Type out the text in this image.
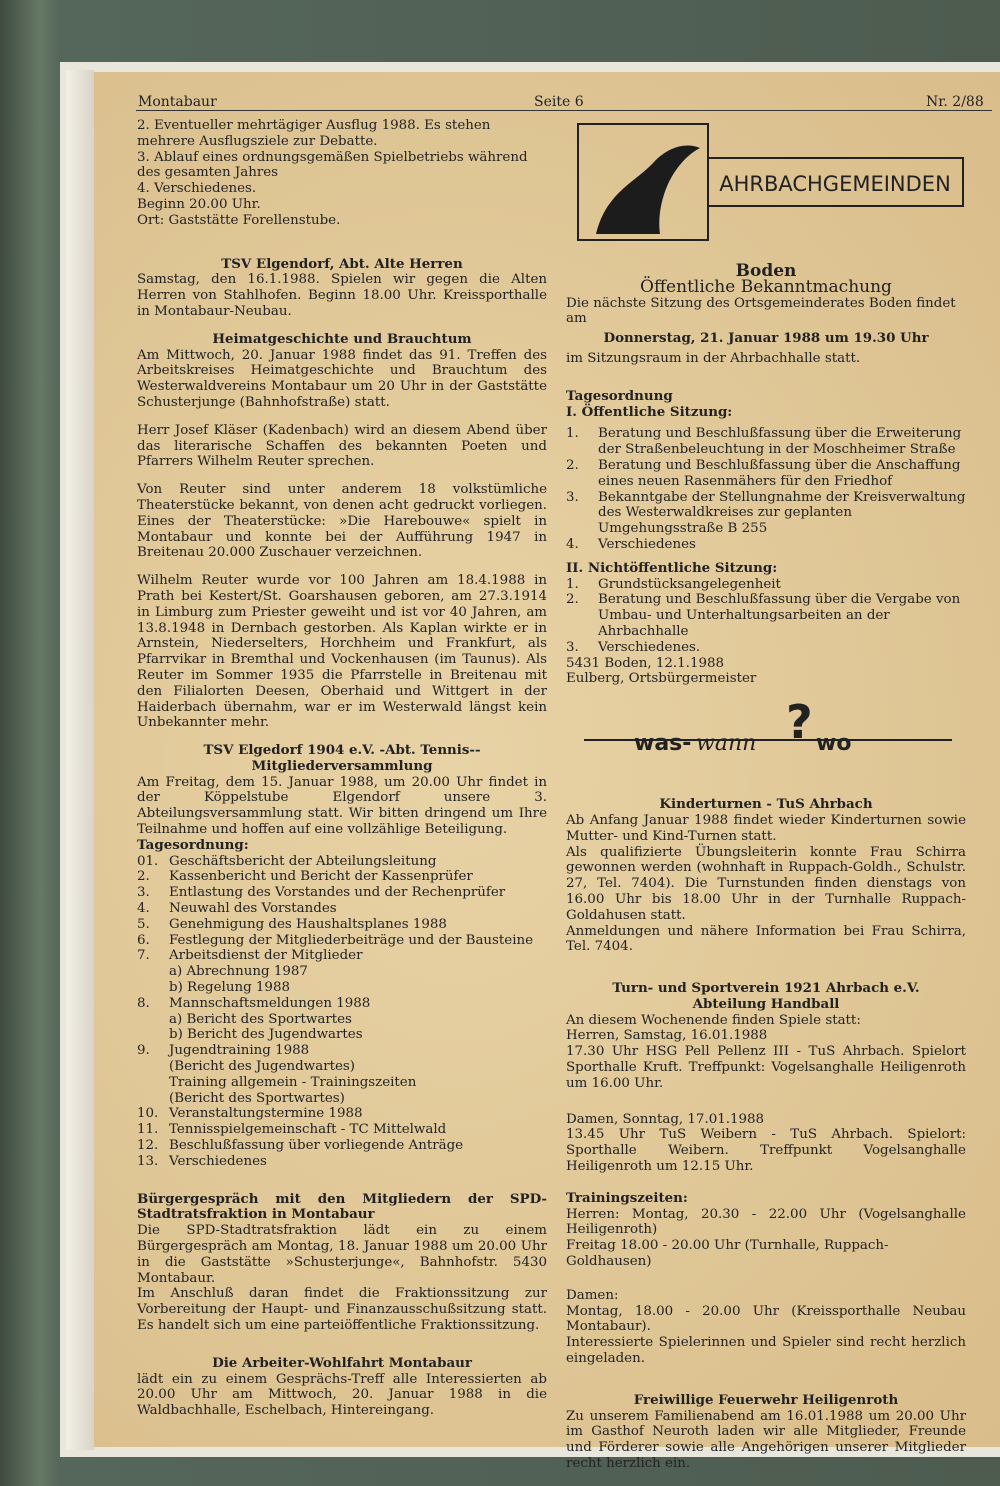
Montabaur	Seite 6	Nr. 2/88

2. Eventueller mehrtägiger Ausflug 1988. Es stehen mehrere Ausflugsziele zur Debatte.

3. Ablauf eines ordnungsgemäßen Spielbetriebs während des gesamten Jahres

4. Verschiedenes.

Beginn 20.00 Uhr.

Ort: Gaststätte Forellenstube.

TSV Elgendorf, Abt. Alte Herren

Samstag, den 16.1.1988. Spielen wir gegen die Alten Herren von Stahlhofen. Beginn 18.00 Uhr. Kreissporthalle in Montabaur-Neubau.

Heimatgeschichte und Brauchtum

Am Mittwoch, 20. Januar 1988 findet das 91. Treffen des Arbeitskreises Heimatgeschichte und Brauchtum des Westerwaldvereins Montabaur um 20 Uhr in der Gaststätte Schusterjunge (Bahnhofstraße) statt.

Herr Josef Kläser (Kadenbach) wird an diesem Abend über das literarische Schaffen des bekannten Poeten und Pfarrers Wilhelm Reuter sprechen.

Von Reuter sind unter anderem 18 volkstümliche Theaterstücke bekannt, von denen acht gedruckt vorliegen. Eines der Theaterstücke: »Die Harebouwe« spielt in Montabaur und konnte bei der Aufführung 1947 in Breitenau 20.000 Zuschauer verzeichnen.

Wilhelm Reuter wurde vor 100 Jahren am 18.4.1988 in Prath bei Kestert/St. Goarshausen geboren, am 27.3.1914 in Limburg zum Priester geweiht und ist vor 40 Jahren, am 13.8.1948 in Dernbach gestorben. Als Kaplan wirkte er in Arnstein, Niederselters, Horchheim und Frankfurt, als Pfarrvikar in Bremthal und Vockenhausen (im Taunus). Als Reuter im Sommer 1935 die Pfarrstelle in Breitenau mit den Filialorten Deesen, Oberhaid und Wittgert in der Haiderbach übernahm, war er im Westerwald längst kein Unbekannter mehr.

TSV Elgedorf 1904 e.V. -Abt. Tennis--Mitgliederversammlung

Am Freitag, dem 15. Januar 1988, um 20.00 Uhr findet in der Köppelstube Elgendorf unsere 3. Abteilungsversammlung statt. Wir bitten dringend um Ihre Teilnahme und hoffen auf eine vollzählige Beteiligung.

Tagesordnung:

01. Geschäftsbericht der Abteilungsleitung
2.	Kassenbericht und Bericht der Kassenprüfer
3.	Entlastung des Vorstandes und der Rechenprüfer
4.	Neuwahl des Vorstandes
5.	Genehmigung des Haushaltsplanes 1988
6.	Festlegung der Mitgliederbeiträge und der Bausteine
7.	Arbeitsdienst der Mitglieder
a) Abrechnung 1987
b) Regelung 1988
8.	Mannschaftsmeldungen 1988
a) Bericht des Sportwartes
b) Bericht des Jugendwartes
9.	Jugendtraining 1988
(Bericht des Jugendwartes)
Training allgemein - Trainingszeiten
(Bericht des Sportwartes)
10. Veranstaltungstermine 1988
11. Tennisspielgemeinschaft - TC Mittelwald
12. Beschlußfassung über vorliegende Anträge
13. Verschiedenes

Bürgergespräch mit den Mitgliedern der SPD-Stadtratsfraktion in Montabaur

Die SPD-Stadtratsfraktion lädt ein zu einem Bürgergespräch am Montag, 18. Januar 1988 um 20.00 Uhr in die Gaststätte »Schusterjunge«, Bahnhofstr. 5430 Montabaur.

Im Anschluß daran findet die Fraktionssitzung zur Vorbereitung der Haupt- und Finanzausschußsitzung statt. Es handelt sich um eine parteiöffentliche Fraktionssitzung.

Die Arbeiter-Wohlfahrt Montabaur

lädt ein zu einem Gesprächs-Treff alle Interessierten ab 20.00 Uhr am Mittwoch, 20. Januar 1988 in die Waldbachhalle, Eschelbach, Hintereingang.

AHRBACHGEMEINDEN

Boden

Öffentliche Bekanntmachung

Die nächste Sitzung des Ortsgemeinderates Boden findet am

Donnerstag, 21. Januar 1988 um 19.30 Uhr

im Sitzungsraum in der Ahrbachhalle statt.

Tagesordnung

I. Öffentliche Sitzung:

1.	Beratung und Beschlußfassung über die Erweiterung der Straßenbeleuchtung in der Moschheimer Straße
2.	Beratung und Beschlußfassung über die Anschaffung eines neuen Rasenmähers für den Friedhof
3.	Bekanntgabe der Stellungnahme der Kreisverwaltung des Westerwaldkreises zur geplanten Umgehungsstraße B 255
4.	Verschiedenes

II. Nichtöffentliche Sitzung:

1.	Grundstücksangelegenheit
2.	Beratung und Beschlußfassung über die Vergabe von Umbau- und Unterhaltungsarbeiten an der Ahrbachhalle
3.	Verschiedenes.

5431 Boden, 12.1.1988

Eulberg, Ortsbürgermeister

Kinderturnen - TuS Ahrbach

Ab Anfang Januar 1988 findet wieder Kinderturnen sowie Mutter- und Kind-Turnen statt.

Als qualifizierte Übungsleiterin konnte Frau Schirra gewonnen werden (wohnhaft in Ruppach-Goldh., Schulstr. 27, Tel. 7404). Die Turnstunden finden dienstags von 16.00 Uhr bis 18.00 Uhr in der Turnhalle Ruppach-Goldahusen statt.

Anmeldungen und nähere Information bei Frau Schirra, Tel. 7404.

Turn- und Sportverein 1921 Ahrbach e.V.

Abteilung Handball

An diesem Wochenende finden Spiele statt:

Herren, Samstag, 16.01.1988

17.30 Uhr HSG Pell Pellenz III - TuS Ahrbach. Spielort Sporthalle Kruft. Treffpunkt: Vogelsanghalle Heiligenroth um 16.00 Uhr.

Damen, Sonntag, 17.01.1988

13.45 Uhr TuS Weibern - TuS Ahrbach. Spielort: Sporthalle Weibern. Treffpunkt Vogelsanghalle Heiligenroth um 12.15 Uhr.

Trainingszeiten:

Herren: Montag, 20.30 - 22.00 Uhr (Vogelsanghalle Heiligenroth)

Freitag 18.00 - 20.00 Uhr (Turnhalle, Ruppach-Goldhausen)

Damen:

Montag, 18.00 - 20.00 Uhr (Kreissporthalle Neubau Montabaur).

Interessierte Spielerinnen und Spieler sind recht herzlich eingeladen.

Freiwillige Feuerwehr Heiligenroth

Zu unserem Familienabend am 16.01.1988 um 20.00 Uhr im Gasthof Neuroth laden wir alle Mitglieder, Freunde und Förderer sowie alle Angehörigen unserer Mitglieder recht herzlich ein.

was- wann ? wo
